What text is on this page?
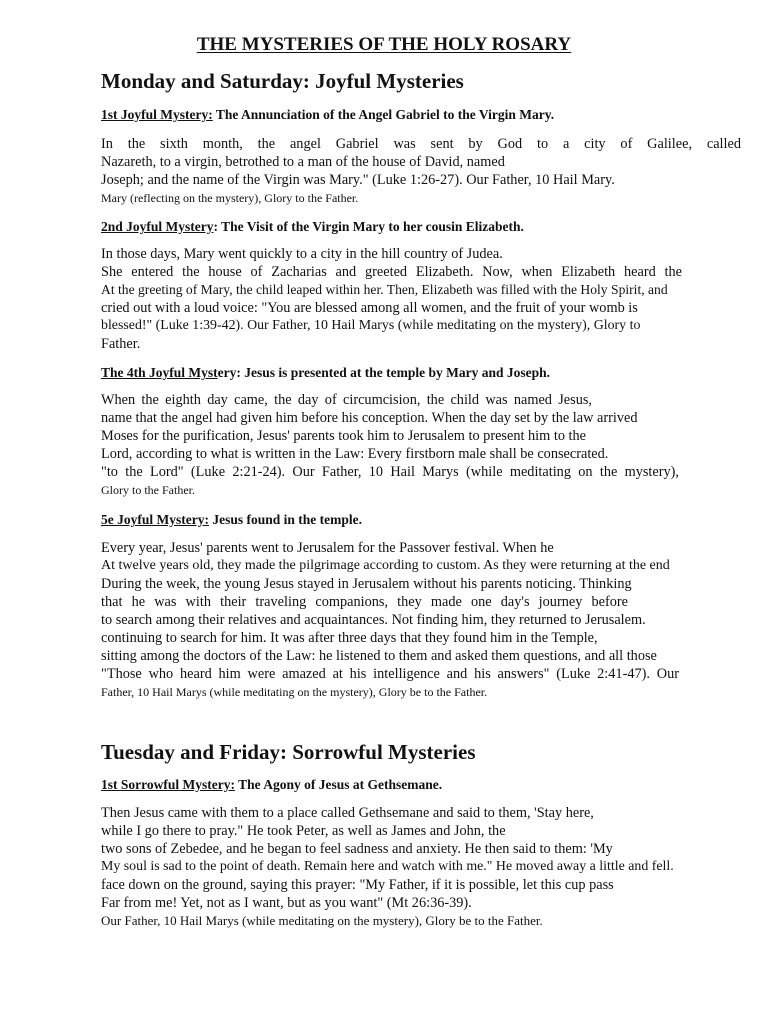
THE MYSTERIES OF THE HOLY ROSARY
Monday and Saturday: Joyful Mysteries
1st Joyful Mystery: The Annunciation of the Angel Gabriel to the Virgin Mary.
In the sixth month, the angel Gabriel was sent by God to a city of Galilee, called
Nazareth, to a virgin, betrothed to a man of the house of David, named
Joseph; and the name of the Virgin was Mary." (Luke 1:26-27). Our Father, 10 Hail Mary.
Mary (reflecting on the mystery), Glory to the Father.
2nd Joyful Mystery: The Visit of the Virgin Mary to her cousin Elizabeth.
In those days, Mary went quickly to a city in the hill country of Judea.
She entered the house of Zacharias and greeted Elizabeth. Now, when Elizabeth heard the
At the greeting of Mary, the child leaped within her. Then, Elizabeth was filled with the Holy Spirit, and
cried out with a loud voice: "You are blessed among all women, and the fruit of your womb is
blessed!" (Luke 1:39-42). Our Father, 10 Hail Marys (while meditating on the mystery), Glory to
Father.
The 4th Joyful Mystery: Jesus is presented at the temple by Mary and Joseph.
When the eighth day came, the day of circumcision, the child was named Jesus,
name that the angel had given him before his conception. When the day set by the law arrived
Moses for the purification, Jesus' parents took him to Jerusalem to present him to the
Lord, according to what is written in the Law: Every firstborn male shall be consecrated.
"to the Lord" (Luke 2:21-24). Our Father, 10 Hail Marys (while meditating on the mystery),
Glory to the Father.
5e Joyful Mystery: Jesus found in the temple.
Every year, Jesus' parents went to Jerusalem for the Passover festival. When he
At twelve years old, they made the pilgrimage according to custom. As they were returning at the end
During the week, the young Jesus stayed in Jerusalem without his parents noticing. Thinking
that he was with their traveling companions, they made one day's journey before
to search among their relatives and acquaintances. Not finding him, they returned to Jerusalem.
continuing to search for him. It was after three days that they found him in the Temple,
sitting among the doctors of the Law: he listened to them and asked them questions, and all those
"Those who heard him were amazed at his intelligence and his answers" (Luke 2:41-47). Our
Father, 10 Hail Marys (while meditating on the mystery), Glory be to the Father.
Tuesday and Friday: Sorrowful Mysteries
1st Sorrowful Mystery: The Agony of Jesus at Gethsemane.
Then Jesus came with them to a place called Gethsemane and said to them, 'Stay here,
while I go there to pray." He took Peter, as well as James and John, the
two sons of Zebedee, and he began to feel sadness and anxiety. He then said to them: 'My
My soul is sad to the point of death. Remain here and watch with me." He moved away a little and fell.
face down on the ground, saying this prayer: "My Father, if it is possible, let this cup pass
Far from me! Yet, not as I want, but as you want" (Mt 26:36-39).
Our Father, 10 Hail Marys (while meditating on the mystery), Glory be to the Father.
